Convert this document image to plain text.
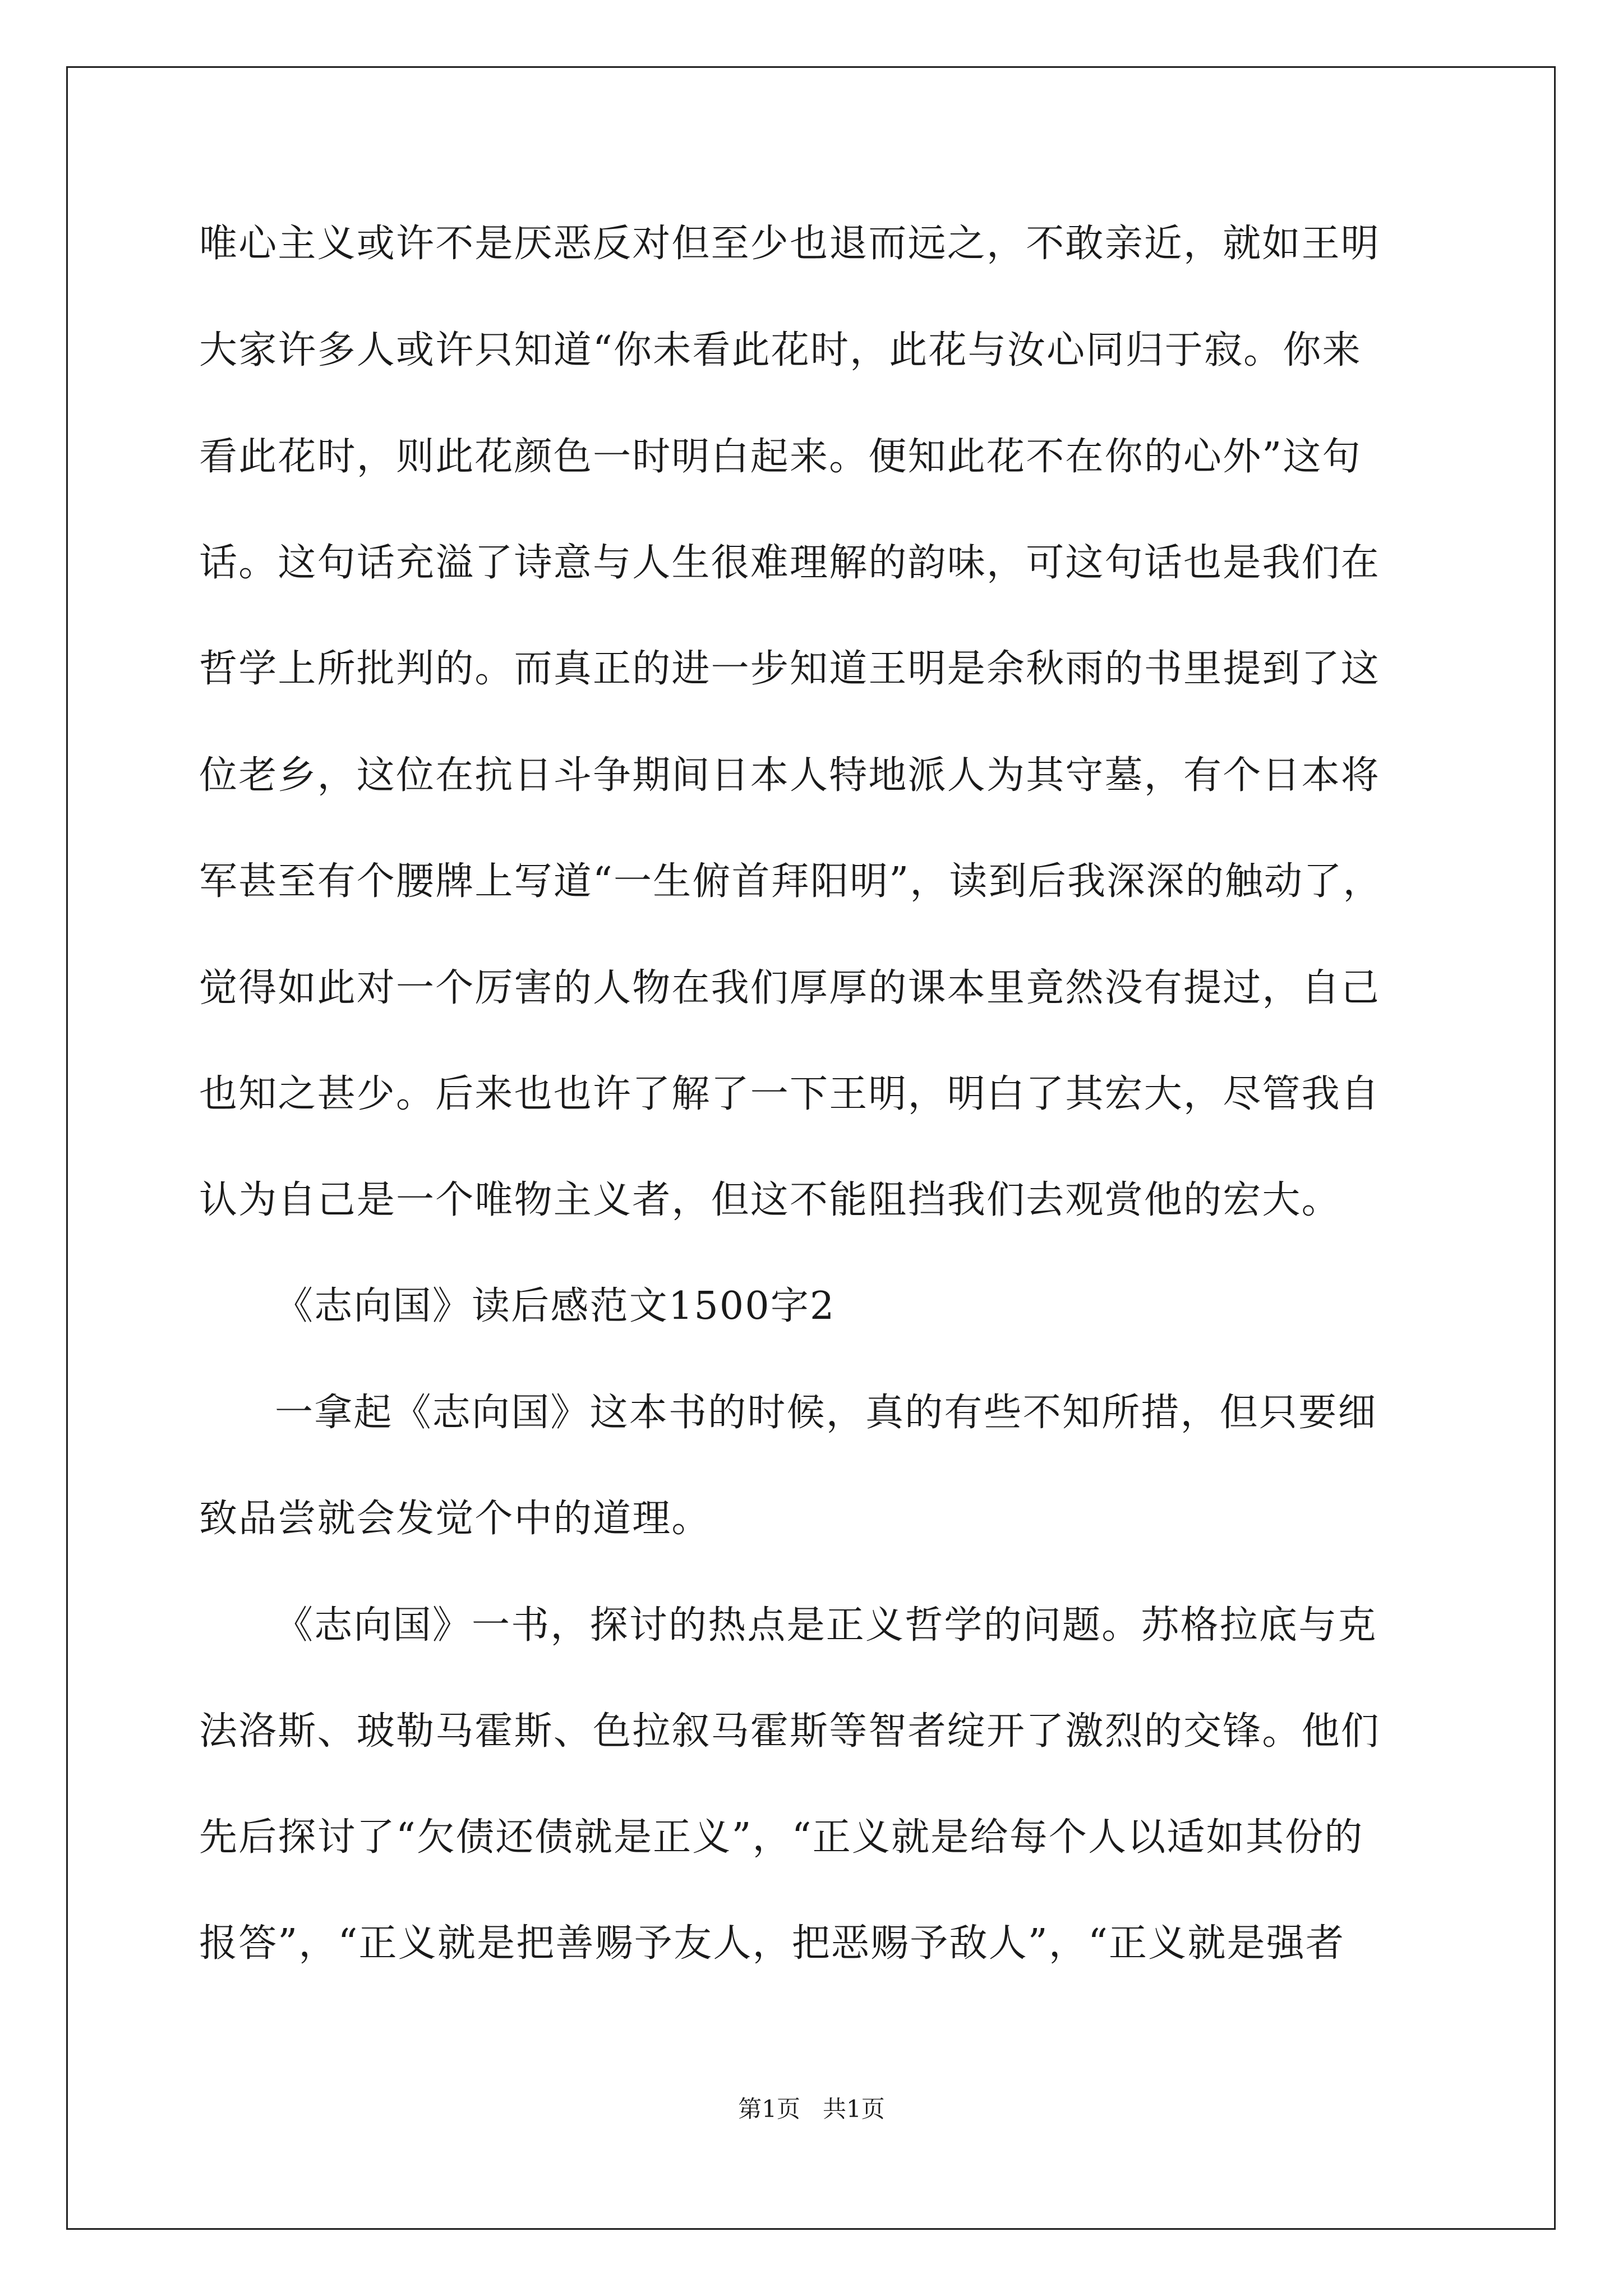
唯心主义或许不是厌恶反对但至少也退而远之，不敢亲近，就如王明
大家许多人或许只知道“你未看此花时，此花与汝心同归于寂。你来
看此花时，则此花颜色一时明白起来。便知此花不在你的心外”这句
话。这句话充溢了诗意与人生很难理解的韵味，可这句话也是我们在
哲学上所批判的。而真正的进一步知道王明是余秋雨的书里提到了这
位老乡，这位在抗日斗争期间日本人特地派人为其守墓，有个日本将
军甚至有个腰牌上写道“一生俯首拜阳明”，读到后我深深的触动了，
觉得如此对一个厉害的人物在我们厚厚的课本里竟然没有提过，自己
也知之甚少。后来也也许了解了一下王明，明白了其宏大，尽管我自
认为自己是一个唯物主义者，但这不能阻挡我们去观赏他的宏大。
《志向国》读后感范文1500字2
一拿起《志向国》这本书的时候，真的有些不知所措，但只要细
致品尝就会发觉个中的道理。
《志向国》一书，探讨的热点是正义哲学的问题。苏格拉底与克
法洛斯、玻勒马霍斯、色拉叙马霍斯等智者绽开了激烈的交锋。他们
先后探讨了“欠债还债就是正义”，“正义就是给每个人以适如其份的
报答”，“正义就是把善赐予友人，把恶赐予敌人”，“正义就是强者
第1页   共1页
